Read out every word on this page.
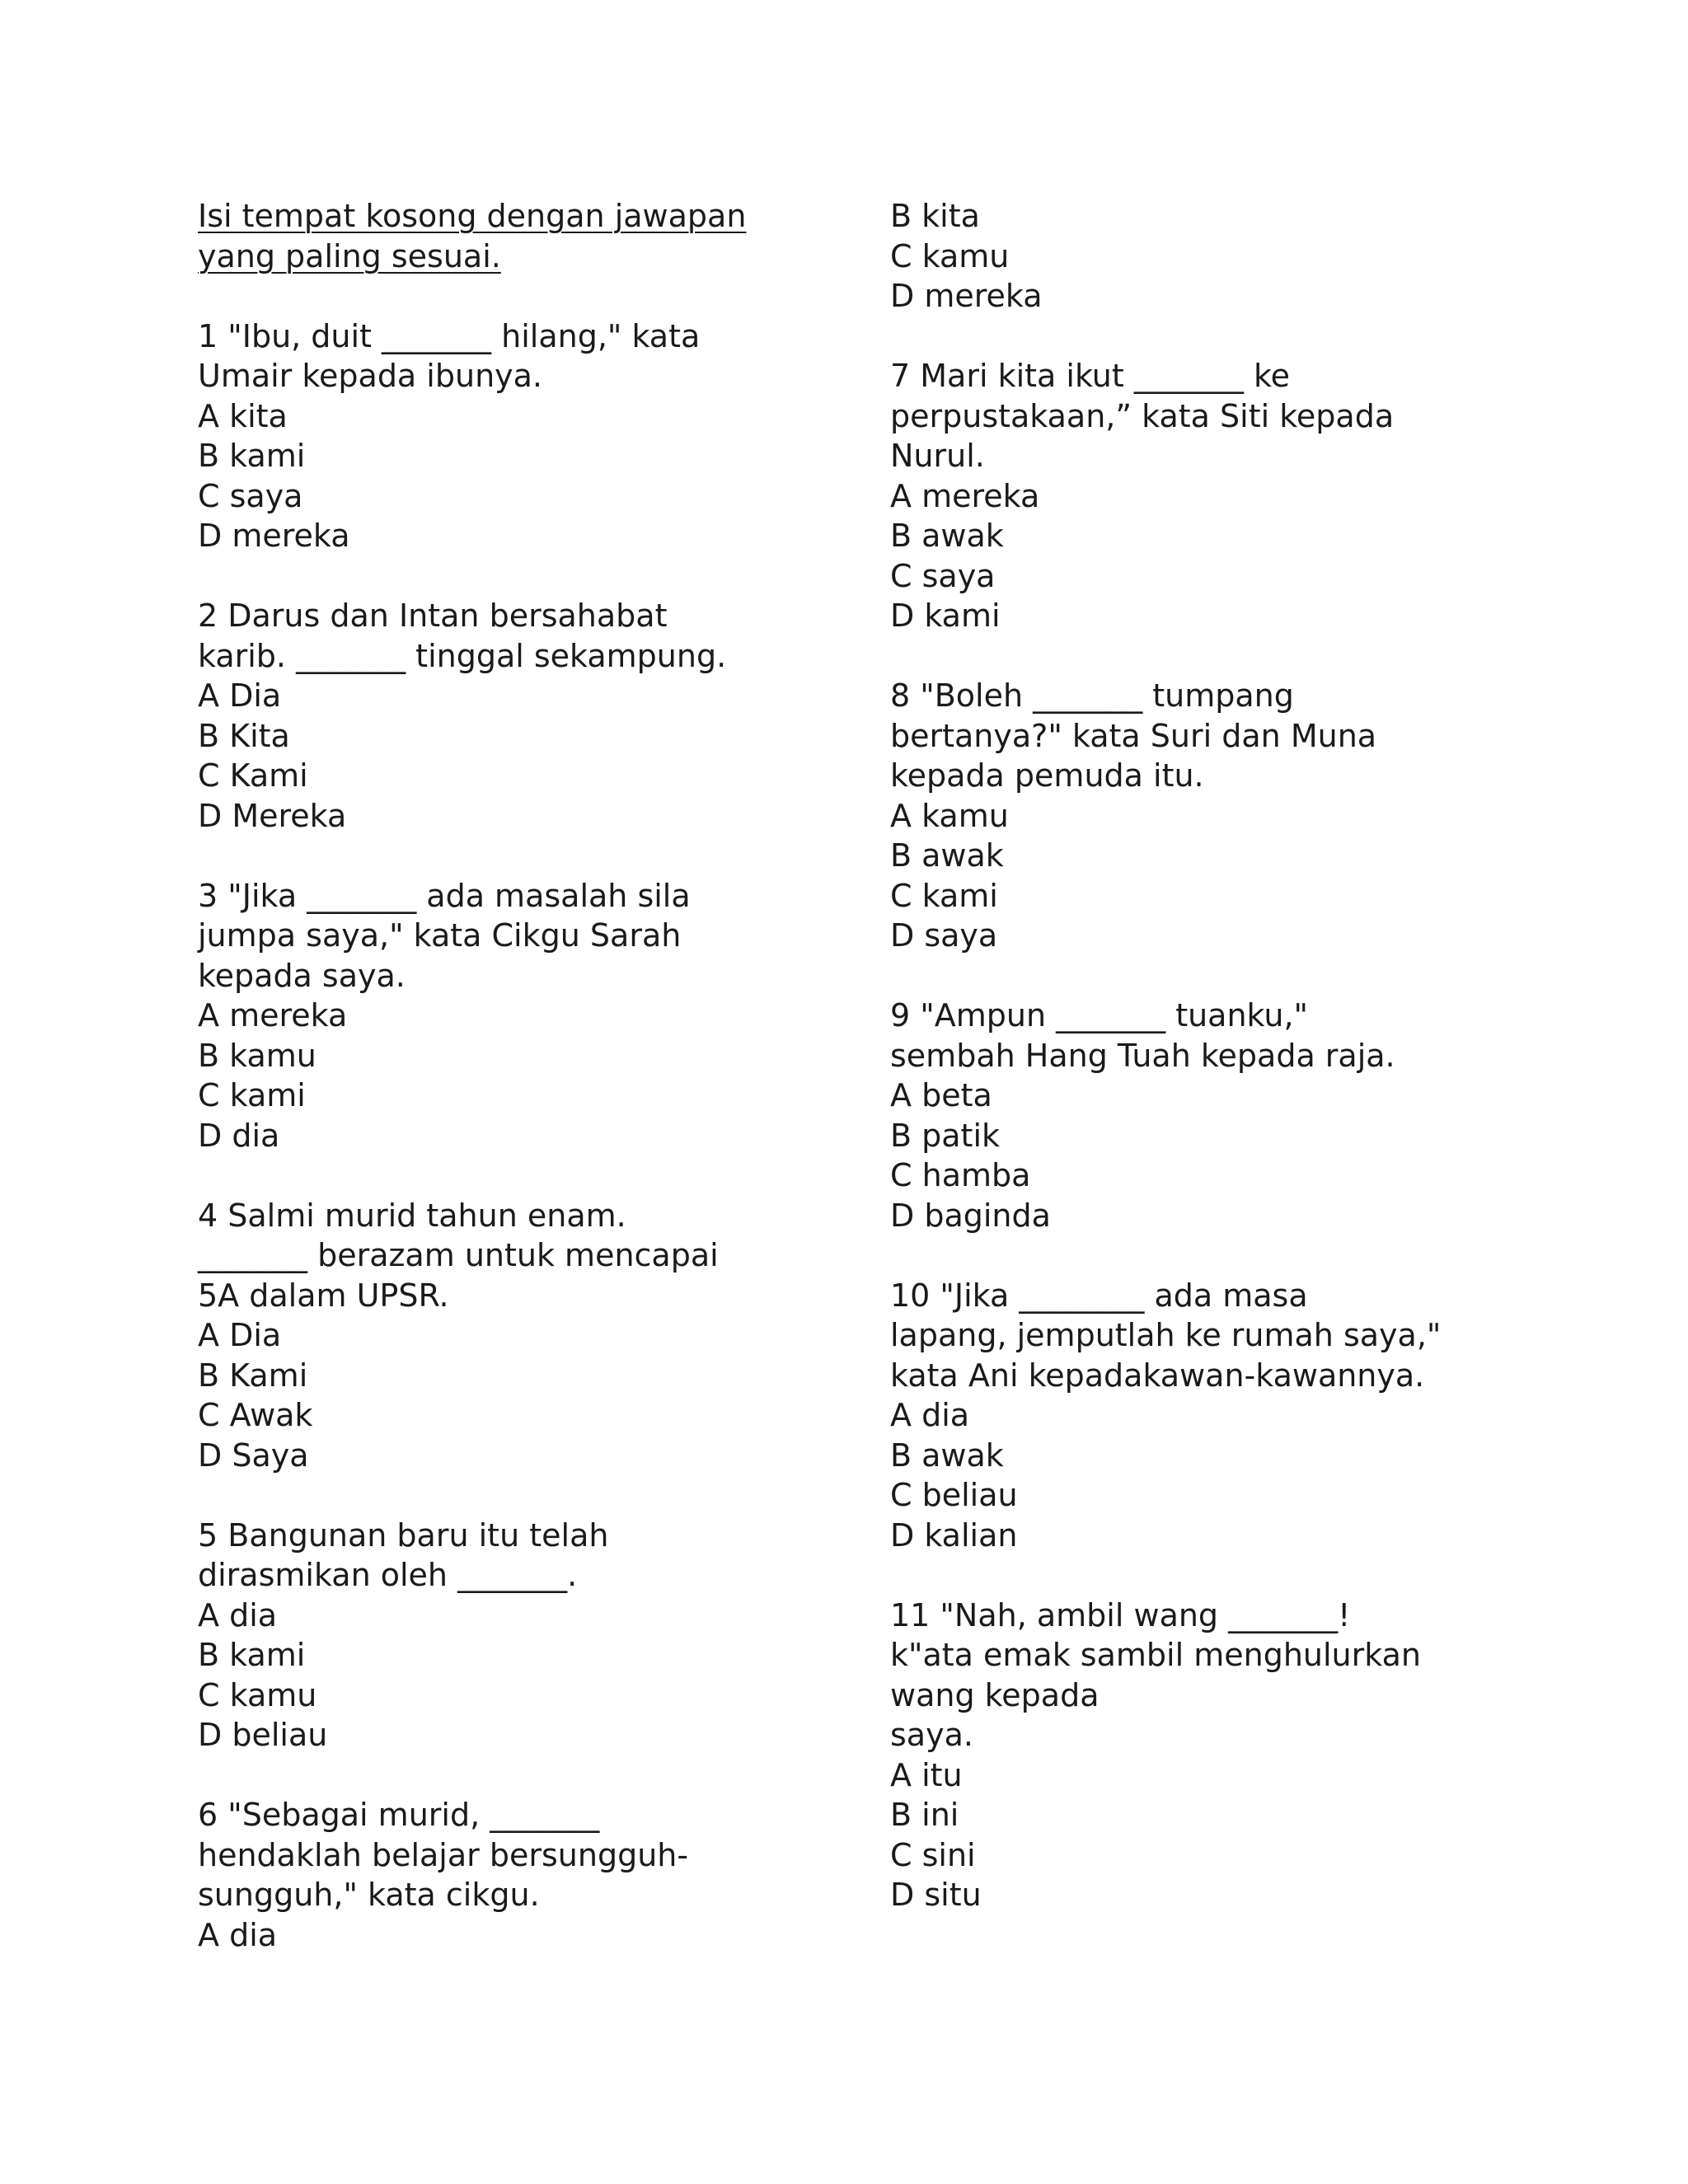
Isi tempat kosong dengan jawapan

yang paling sesuai.

1 "Ibu, duit _______ hilang," kata

Umair kepada ibunya.

A kita

B kami

C saya

D mereka

2 Darus dan Intan bersahabat

karib. _______ tinggal sekampung.

A Dia

B Kita

C Kami

D Mereka

3 "Jika _______ ada masalah sila

jumpa saya," kata Cikgu Sarah

kepada saya.

A mereka

B kamu

C kami

D dia

4 Salmi murid tahun enam.

_______ berazam untuk mencapai

5A dalam UPSR.

A Dia

B Kami

C Awak

D Saya

5 Bangunan baru itu telah

dirasmikan oleh _______.

A dia

B kami

C kamu

D beliau

6 "Sebagai murid, _______

hendaklah belajar bersungguh-

sungguh," kata cikgu.

A dia

B kita

C kamu

D mereka

7 Mari kita ikut _______ ke

perpustakaan,” kata Siti kepada

Nurul.

A mereka

B awak

C saya

D kami

8 "Boleh _______ tumpang

bertanya?" kata Suri dan Muna

kepada pemuda itu.

A kamu

B awak

C kami

D saya

9 "Ampun _______ tuanku,"

sembah Hang Tuah kepada raja.

A beta

B patik

C hamba

D baginda

10 "Jika ________ ada masa

lapang, jemputlah ke rumah saya,"

kata Ani kepadakawan-kawannya.

A dia

B awak

C beliau

D kalian

11 "Nah, ambil wang _______!

k"ata emak sambil menghulurkan

wang kepada

saya.

A itu

B ini

C sini

D situ
